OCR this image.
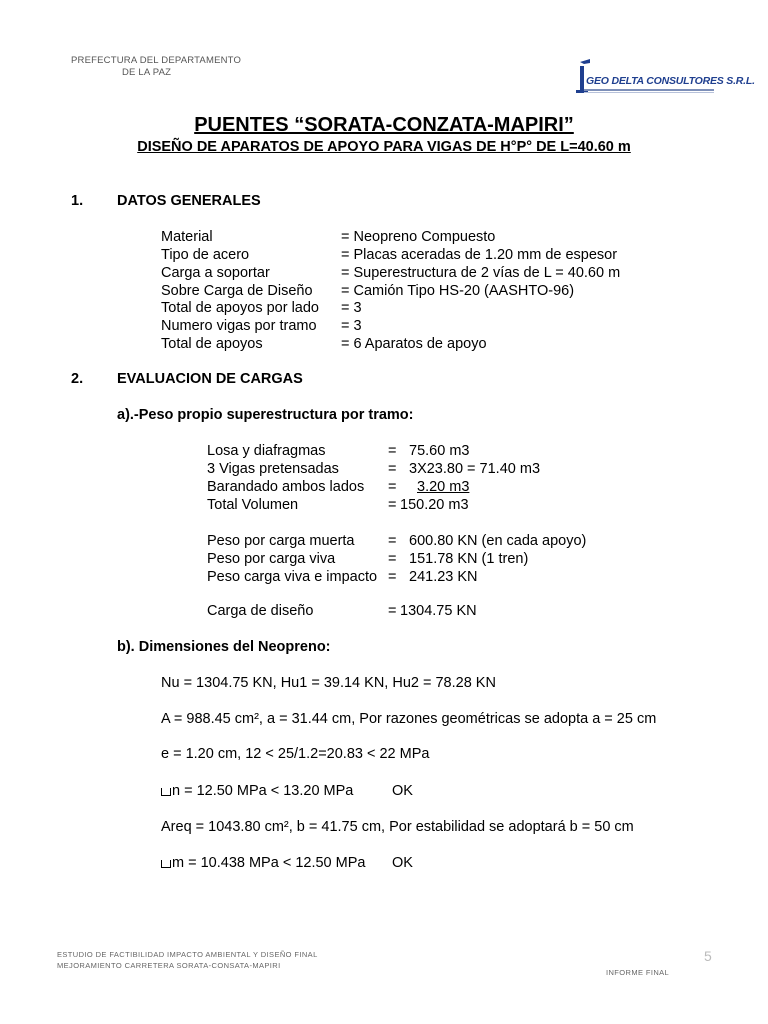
PREFECTURA DEL DEPARTAMENTO
DE LA PAZ
GEO DELTA CONSULTORES S.R.L.
PUENTES “SORATA-CONZATA-MAPIRI”
DISEÑO DE APARATOS DE APOYO PARA VIGAS DE H°P° DE L=40.60 m
1. DATOS GENERALES
Material	= Neopreno Compuesto
Tipo de acero	= Placas aceradas de 1.20 mm de espesor
Carga a soportar	= Superestructura de 2 vías de L = 40.60 m
Sobre Carga de Diseño = Camión Tipo HS-20 (AASHTO-96)
Total de apoyos por lado = 3
Numero vigas por tramo = 3
Total de apoyos	= 6 Aparatos de apoyo
2. EVALUACION DE CARGAS
a).-Peso propio superestructura por tramo:
Losa y diafragmas	= 75.60 m3
3 Vigas pretensadas	= 3X23.80 = 71.40 m3
Barandado ambos lados =	3.20 m3
Total Volumen	= 150.20 m3
Peso por carga muerta = 600.80 KN (en cada apoyo)
Peso por carga viva	= 151.78 KN (1 tren)
Peso carga viva e impacto = 241.23 KN
Carga de diseño	= 1304.75 KN
b). Dimensiones del Neopreno:
Nu = 1304.75 KN, Hu1 = 39.14 KN, Hu2 = 78.28 KN
A = 988.45 cm², a = 31.44 cm, Por razones geométricas se adopta a = 25 cm
e = 1.20 cm, 12 < 25/1.2=20.83 < 22 MPa
n = 12.50 MPa < 13.20 MPa	OK
Areq = 1043.80 cm², b = 41.75 cm, Por estabilidad se adoptará b = 50 cm
m = 10.438 MPa < 12.50 MPa OK
ESTUDIO DE FACTIBILIDAD IMPACTO AMBIENTAL Y DISEÑO FINAL
MEJORAMIENTO CARRETERA SORATA-CONSATA-MAPIRI
5
INFORME FINAL
